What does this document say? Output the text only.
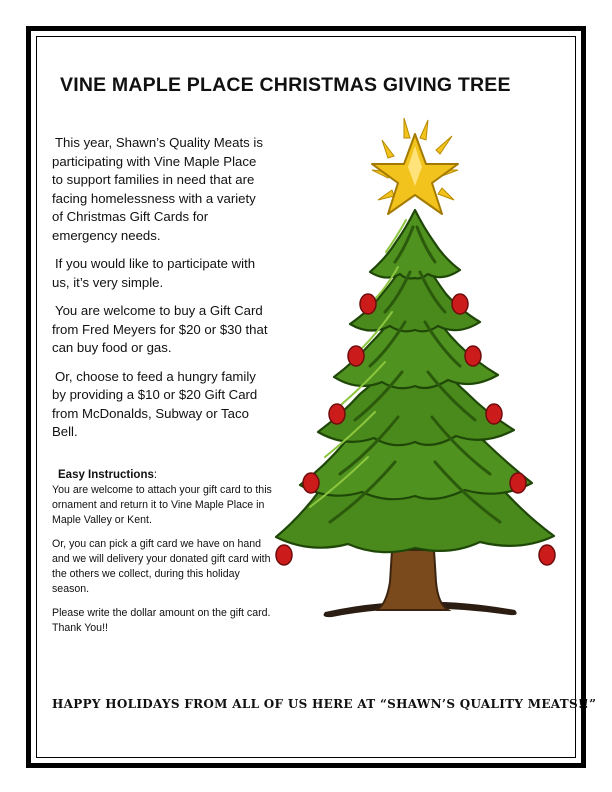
VINE MAPLE PLACE CHRISTMAS GIVING TREE

This year, Shawn’s Quality Meats is participating with Vine Maple Place to support families in need that are facing homelessness with a variety of Christmas Gift Cards for emergency needs.

If you would like to participate with us, it’s very simple.

You are welcome to buy a Gift Card from Fred Meyers for $20 or $30 that can buy food or gas.

Or, choose to feed a hungry family by providing a $10 or $20 Gift Card from McDonalds, Subway or Taco Bell.

Easy Instructions:

You are welcome to attach your gift card to this ornament and return it to Vine Maple Place in Maple Valley or Kent.

Or, you can pick a gift card we have on hand and we will delivery your donated gift card with the others we collect, during this holiday season.

Please write the dollar amount on the gift card. Thank You!!

HAPPY HOLIDAYS FROM ALL OF US HERE AT “SHAWN’S QUALITY MEATS!!”
